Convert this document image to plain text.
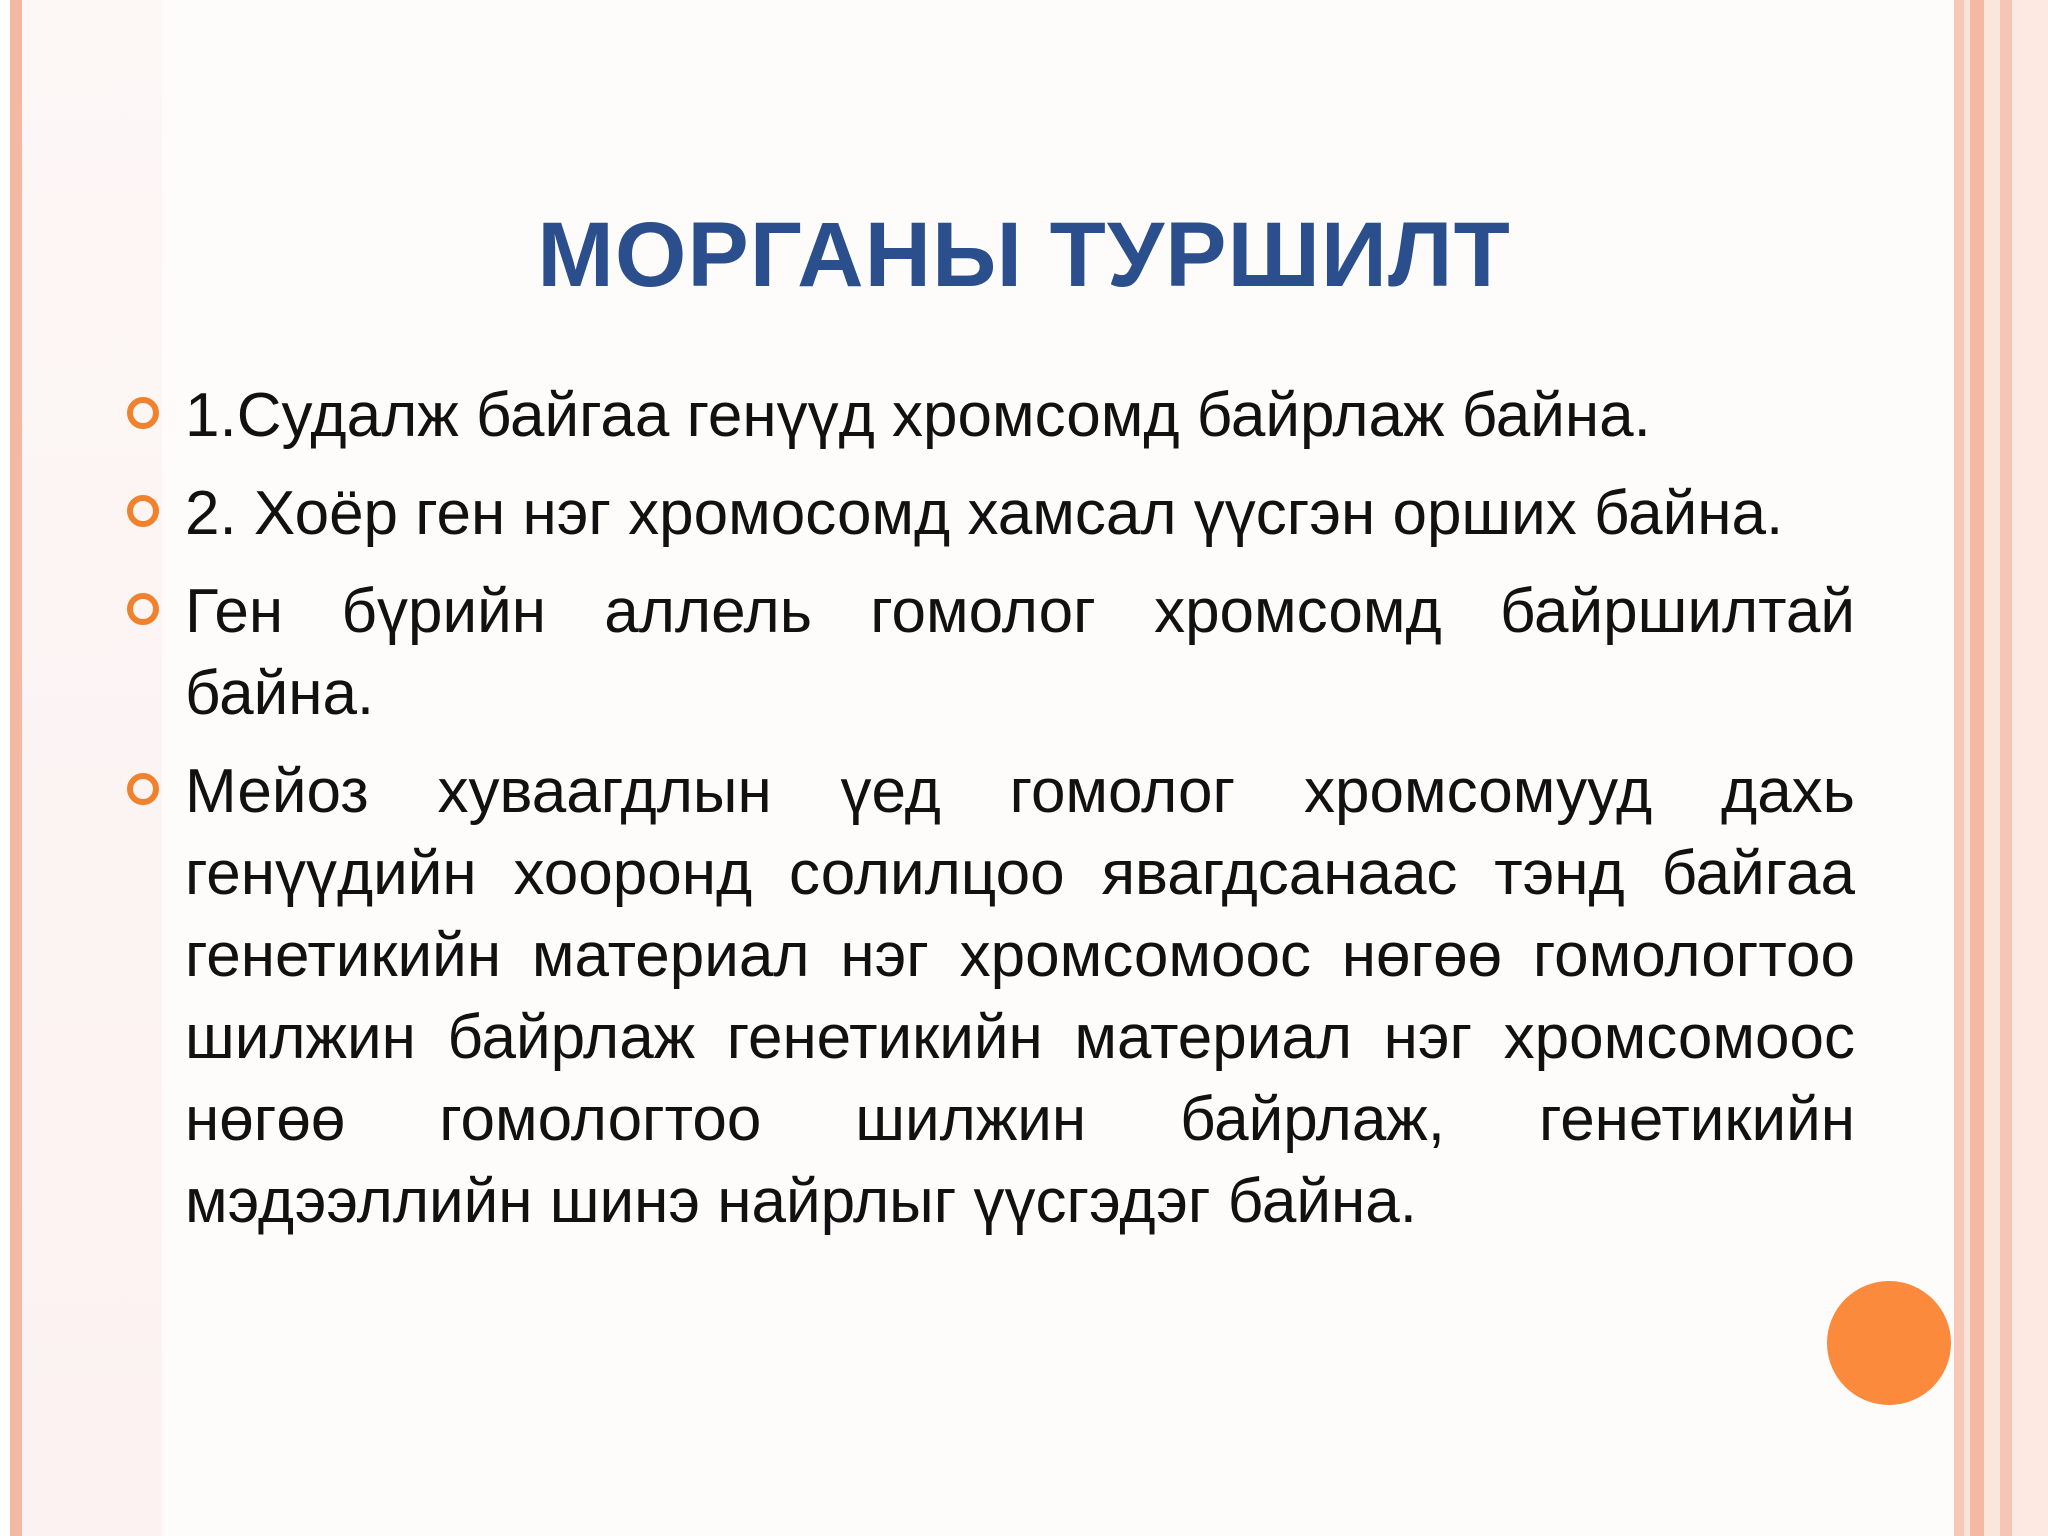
МОРГАНЫ ТУРШИЛТ
1.Судалж байгаа генүүд хромсомд байрлаж байна.
2. Хоёр ген нэг хромосомд хамсал үүсгэн орших байна.
Ген бүрийн аллель гомолог хромсомд байршилтай байна.
Мейоз хуваагдлын үед гомолог хромсомууд дахь генүүдийн хооронд солилцоо явагдсанаас тэнд байгаа генетикийн материал нэг хромсомоос нөгөө гомологтоо шилжин байрлаж генетикийн материал нэг хромсомоос нөгөө гомологтоо шилжин байрлаж, генетикийн мэдээллийн шинэ найрлыг үүсгэдэг байна.
